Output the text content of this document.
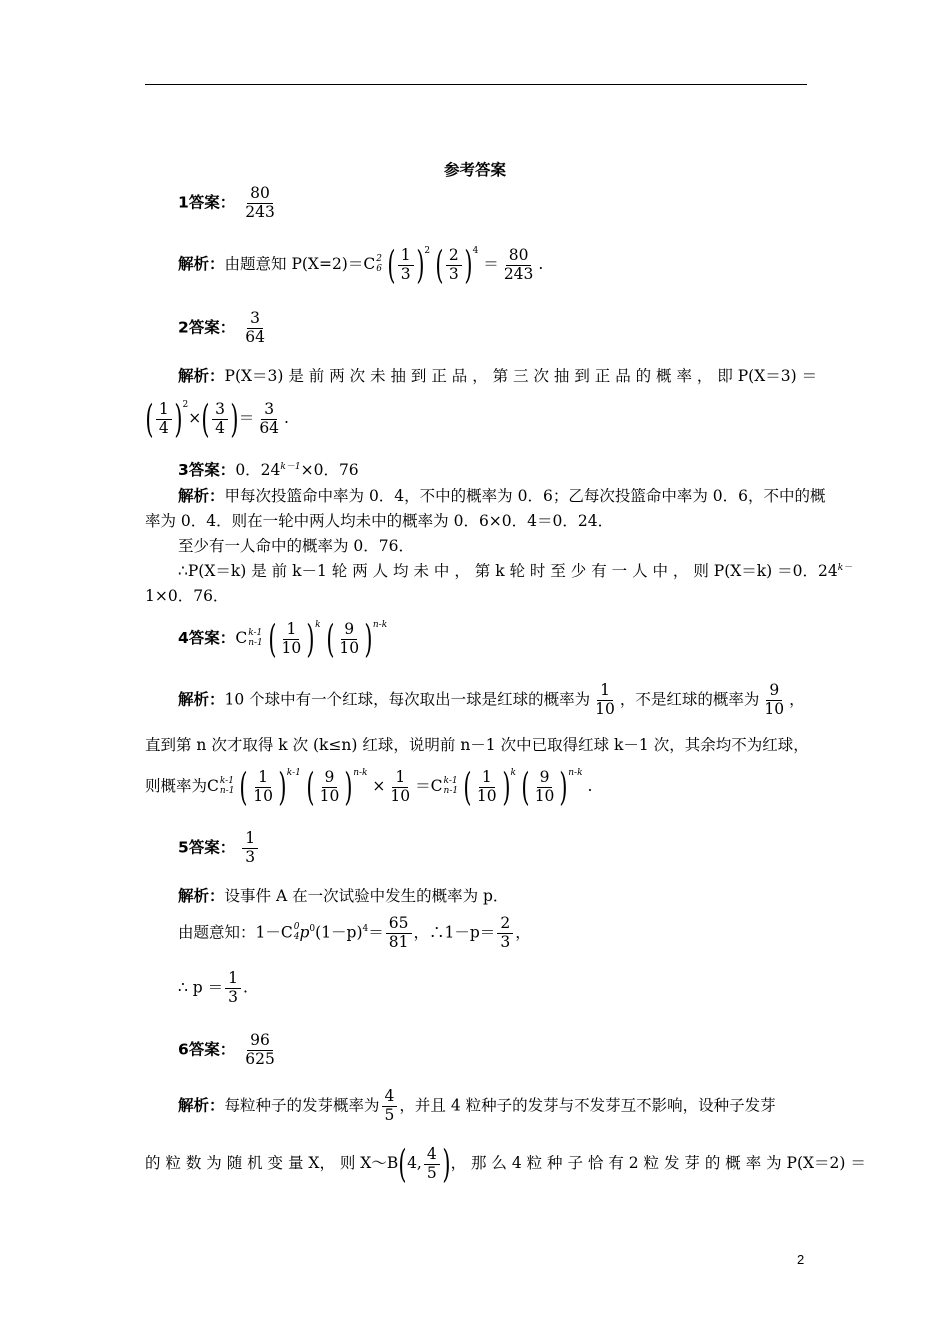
参考答案
1答案： $\frac{80}{243}$
解析：由题意知 P(X=2)＝C 2
6 ( $\frac{1}{3} )^2$ ( $\frac{2}{3} )^4 = \frac{80}{243}$ .
2答案： $\frac{3}{64}$
解析：P(X＝3) 是 前 两 次 未 抽 到 正 品 ， 第 三 次 抽 到 正 品 的 概 率 ， 即 P(X＝3) ＝
( $\frac{1}{4} )^2\times( \frac{3}{4}$ )＝ $\frac{3}{64}$ .
3答案：0．$24^{k-1}\times 0$．76
解析：甲每次投篮命中率为 0．4，不中的概率为 0．6；乙每次投篮命中率为 0．6，不中的概
率为 0．4．则在一轮中两人均未中的概率为 0．6×0．4＝0．24．
至少有一人命中的概率为 0．76．
∴P(X＝k) 是 前 k－1 轮 两 人 均 未 中 ， 第 k 轮 时 至 少 有 一 人 中 ， 则 P(X＝k) ＝0．$24^{k-}$
1×0．76．
4答案：C k-1
n-1 ( $\frac{1}{10} )^k$ ( $\frac{9}{10} )^{n-k}$
解析：10 个球中有一个红球，每次取出一球是红球的概率为 $\frac{1}{10}$ ，不是红球的概率为 $\frac{9}{10}$ ，
直到第 n 次才取得 k 次 (k≤n) 红球，说明前 n－1 次中已取得红球 k－1 次，其余均不为红球，
则概率为C k-1
n-1 ( $\frac{1}{10} )^{k-1}$ ( $\frac{9}{10} )^{n-k} \times \frac{1}{10} =C$ k-1
n-1 ( $\frac{1}{10} )^k$ ( $\frac{9}{10} )^{n-k}$ .
5答案： $\frac{1}{3}$
解析：设事件 A 在一次试验中发生的概率为 p．
由题意知：1－C 0
4 $p^0(1-p)^4= \frac{65}{81}$ ，∴1－p＝ $\frac{2}{3}$ ，
∴ $p = \frac{1}{3}$ .
6答案： $\frac{96}{625}$
解析：每粒种子的发芽概率为 $\frac{4}{5}$ ，并且 4 粒种子的发芽与不发芽互不影响，设种子发芽
的 粒 数 为 随 机 变 量 X， 则 X～B(4, $\frac{4}{5}$ )， 那 么 4 粒 种 子 恰 有 2 粒 发 芽 的 概 率 为 P(X＝2) ＝
2
